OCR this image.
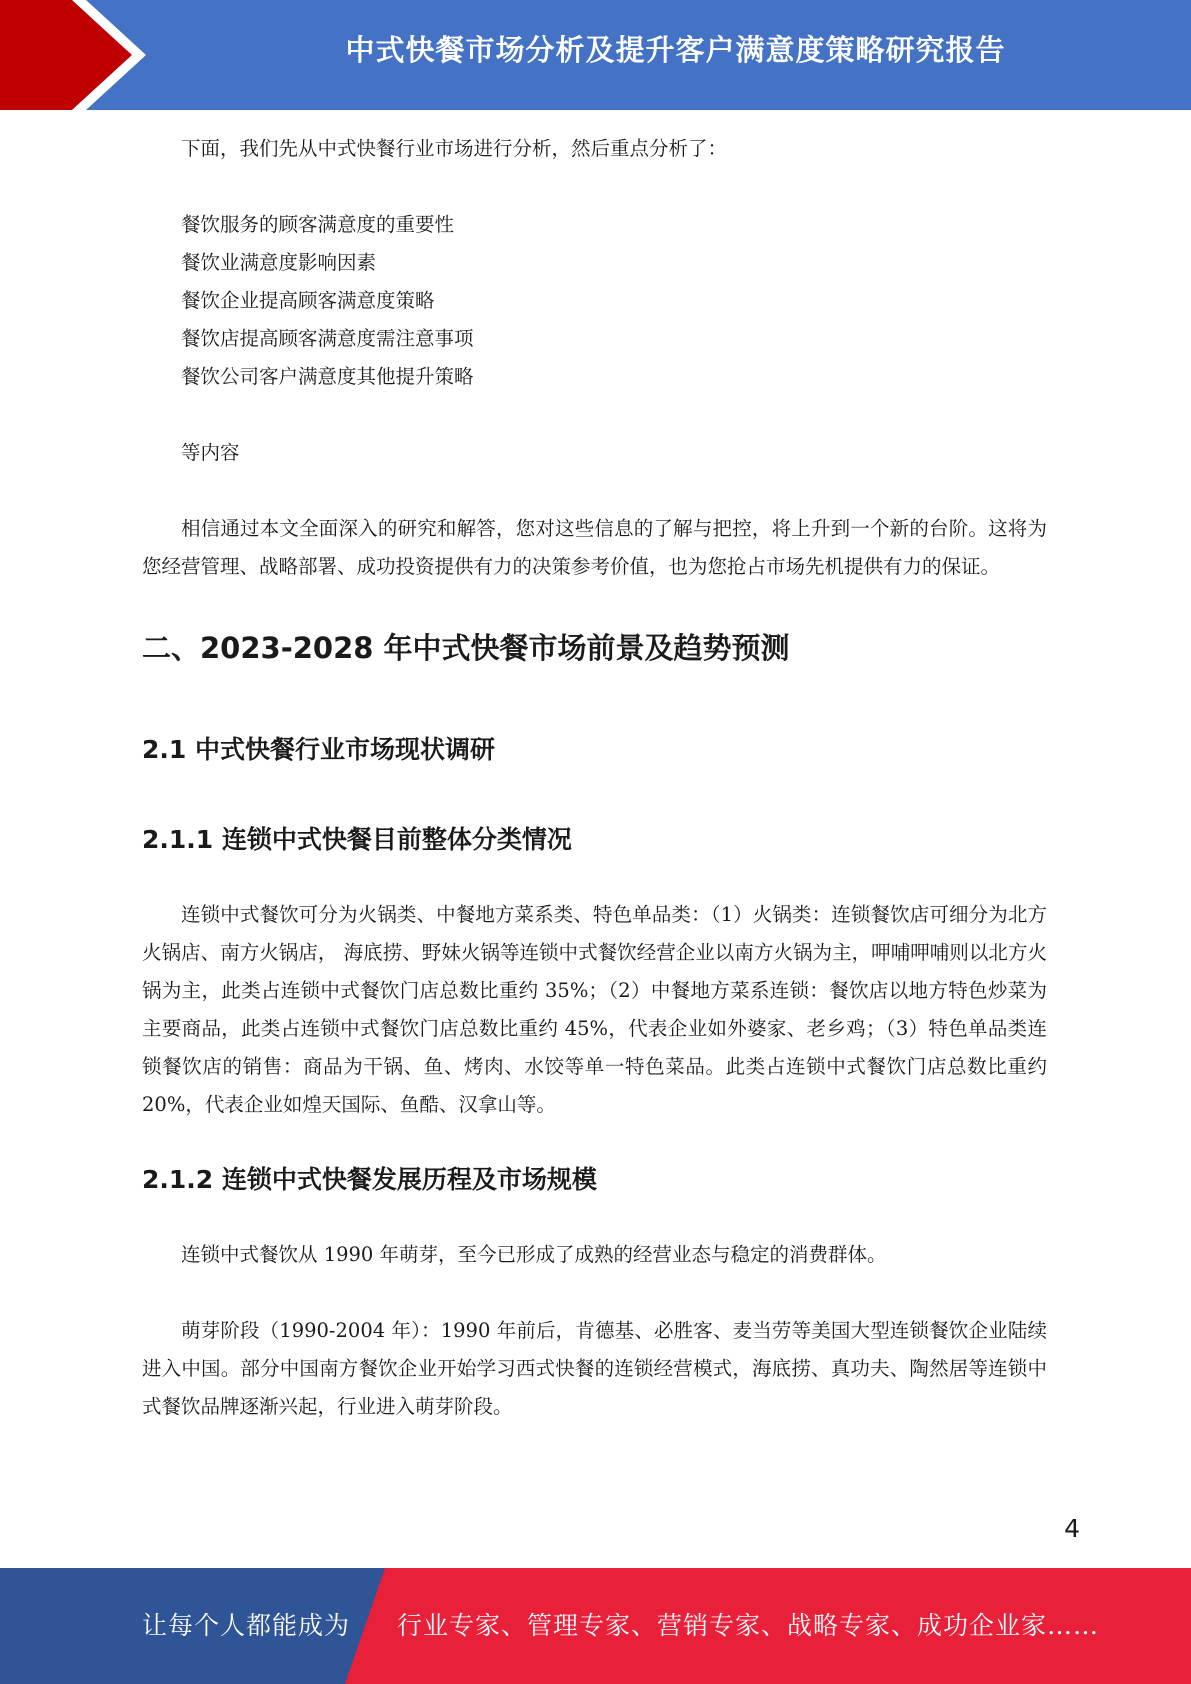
中式快餐市场分析及提升客户满意度策略研究报告

下面，我们先从中式快餐行业市场进行分析，然后重点分析了：

餐饮服务的顾客满意度的重要性

餐饮业满意度影响因素

餐饮企业提高顾客满意度策略

餐饮店提高顾客满意度需注意事项

餐饮公司客户满意度其他提升策略

等内容

相信通过本文全面深入的研究和解答，您对这些信息的了解与把控，将上升到一个新的台阶。这将为您经营管理、战略部署、成功投资提供有力的决策参考价值，也为您抢占市场先机提供有力的保证。

二、2023-2028 年中式快餐市场前景及趋势预测
2.1 中式快餐行业市场现状调研
2.1.1 连锁中式快餐目前整体分类情况

连锁中式餐饮可分为火锅类、中餐地方菜系类、特色单品类：（1）火锅类：连锁餐饮店可细分为北方火锅店、南方火锅店， 海底捞、野妹火锅等连锁中式餐饮经营企业以南方火锅为主，呷哺呷哺则以北方火锅为主，此类占连锁中式餐饮门店总数比重约 35%；（2）中餐地方菜系连锁：餐饮店以地方特色炒菜为主要商品，此类占连锁中式餐饮门店总数比重约 45%，代表企业如外婆家、老乡鸡；（3）特色单品类连锁餐饮店的销售：商品为干锅、鱼、烤肉、水饺等单一特色菜品。此类占连锁中式餐饮门店总数比重约 20%，代表企业如煌天国际、鱼酷、汉拿山等。

2.1.2 连锁中式快餐发展历程及市场规模

连锁中式餐饮从 1990 年萌芽，至今已形成了成熟的经营业态与稳定的消费群体。

萌芽阶段（1990-2004 年）：1990 年前后，肯德基、必胜客、麦当劳等美国大型连锁餐饮企业陆续进入中国。部分中国南方餐饮企业开始学习西式快餐的连锁经营模式，海底捞、真功夫、陶然居等连锁中式餐饮品牌逐渐兴起，行业进入萌芽阶段。

4
让每个人都能成为 行业专家、管理专家、营销专家、战略专家、成功企业家……
